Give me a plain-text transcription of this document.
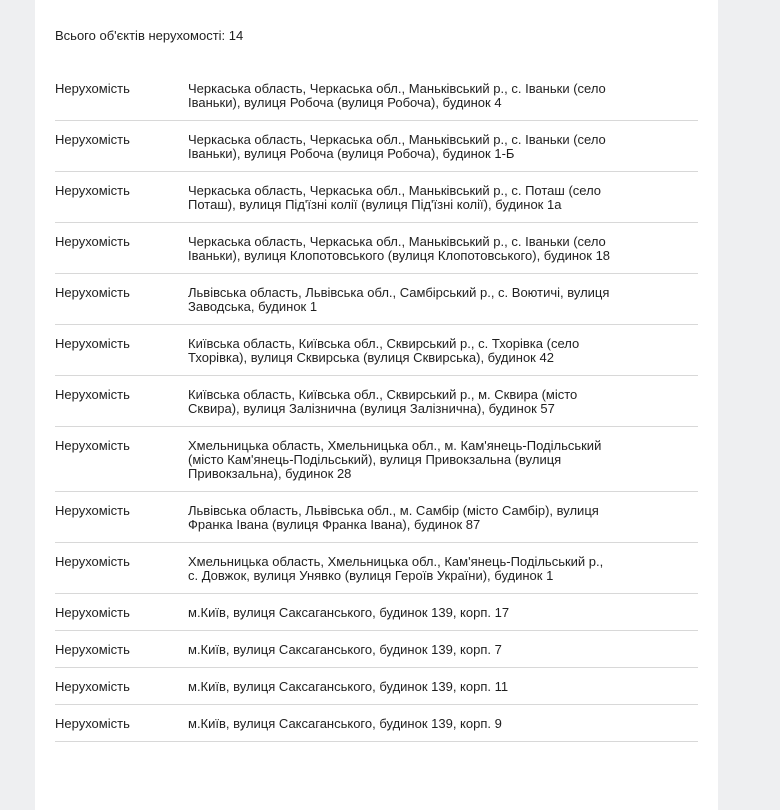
Всього об'єктів нерухомості: 14

Нерухомість	Черкаська область, Черкаська обл., Маньківський р., с. Іваньки (село Іваньки), вулиця Робоча (вулиця Робоча), будинок 4
Нерухомість	Черкаська область, Черкаська обл., Маньківський р., с. Іваньки (село Іваньки), вулиця Робоча (вулиця Робоча), будинок 1-Б
Нерухомість	Черкаська область, Черкаська обл., Маньківський р., с. Поташ (село Поташ), вулиця Під'їзні колії (вулиця Під'їзні колії), будинок 1а
Нерухомість	Черкаська область, Черкаська обл., Маньківський р., с. Іваньки (село Іваньки), вулиця Клопотовського (вулиця Клопотовського), будинок 18
Нерухомість	Львівська область, Львівська обл., Самбірський р., с. Воютичі, вулиця Заводська, будинок 1
Нерухомість	Київська область, Київська обл., Сквирський р., с. Тхорівка (село Тхорівка), вулиця Сквирська (вулиця Сквирська), будинок 42
Нерухомість	Київська область, Київська обл., Сквирський р., м. Сквира (місто Сквира), вулиця Залізнична (вулиця Залізнична), будинок 57
Нерухомість	Хмельницька область, Хмельницька обл., м. Кам'янець-Подільський (місто Кам'янець-Подільський), вулиця Привокзальна (вулиця Привокзальна), будинок 28
Нерухомість	Львівська область, Львівська обл., м. Самбір (місто Самбір), вулиця Франка Івана (вулиця Франка Івана), будинок 87
Нерухомість	Хмельницька область, Хмельницька обл., Кам'янець-Подільський р., с. Довжок, вулиця Унявко (вулиця Героїв України), будинок 1
Нерухомість	м.Київ, вулиця Саксаганського, будинок 139, корп. 17
Нерухомість	м.Київ, вулиця Саксаганського, будинок 139, корп. 7
Нерухомість	м.Київ, вулиця Саксаганського, будинок 139, корп. 11
Нерухомість	м.Київ, вулиця Саксаганського, будинок 139, корп. 9
